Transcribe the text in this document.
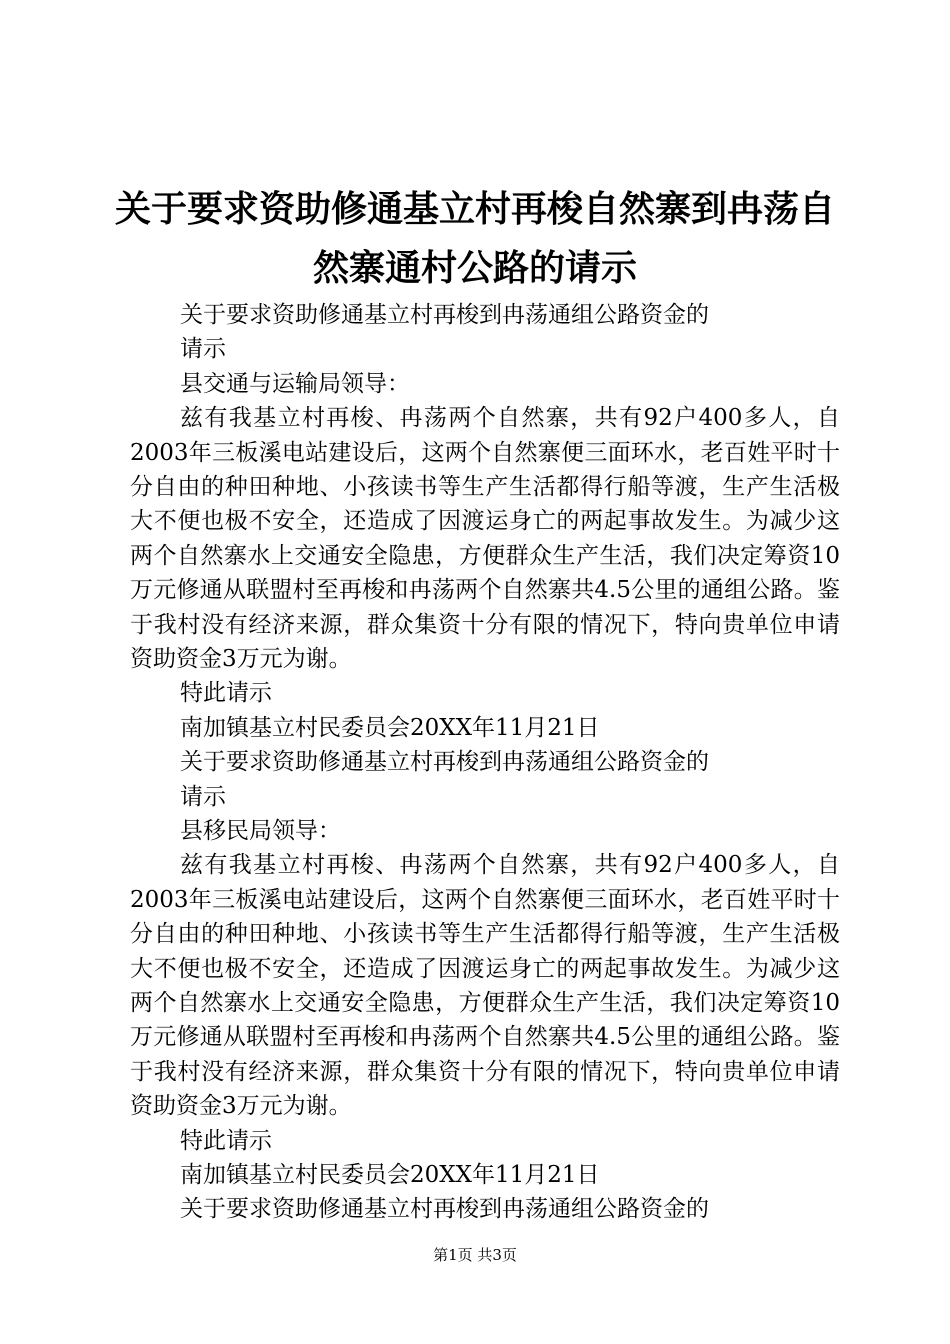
关于要求资助修通基立村再梭自然寨到冉荡自
然寨通村公路的请示
关于要求资助修通基立村再梭到冉荡通组公路资金的
请示
县交通与运输局领导：

兹有我基立村再梭、冉荡两个自然寨，共有92户400多人，自2003年三板溪电站建设后，这两个自然寨便三面环水，老百姓平时十分自由的种田种地、小孩读书等生产生活都得行船等渡，生产生活极大不便也极不安全，还造成了因渡运身亡的两起事故发生。为减少这两个自然寨水上交通安全隐患，方便群众生产生活，我们决定筹资10万元修通从联盟村至再梭和冉荡两个自然寨共4.5公里的通组公路。鉴于我村没有经济来源，群众集资十分有限的情况下，特向贵单位申请资助资金3万元为谢。

特此请示
南加镇基立村民委员会20XX年11月21日
关于要求资助修通基立村再梭到冉荡通组公路资金的
请示
县移民局领导：

兹有我基立村再梭、冉荡两个自然寨，共有92户400多人，自2003年三板溪电站建设后，这两个自然寨便三面环水，老百姓平时十分自由的种田种地、小孩读书等生产生活都得行船等渡，生产生活极大不便也极不安全，还造成了因渡运身亡的两起事故发生。为减少这两个自然寨水上交通安全隐患，方便群众生产生活，我们决定筹资10万元修通从联盟村至再梭和冉荡两个自然寨共4.5公里的通组公路。鉴于我村没有经济来源，群众集资十分有限的情况下，特向贵单位申请资助资金3万元为谢。

特此请示
南加镇基立村民委员会20XX年11月21日
关于要求资助修通基立村再梭到冉荡通组公路资金的
第1页 共3页
